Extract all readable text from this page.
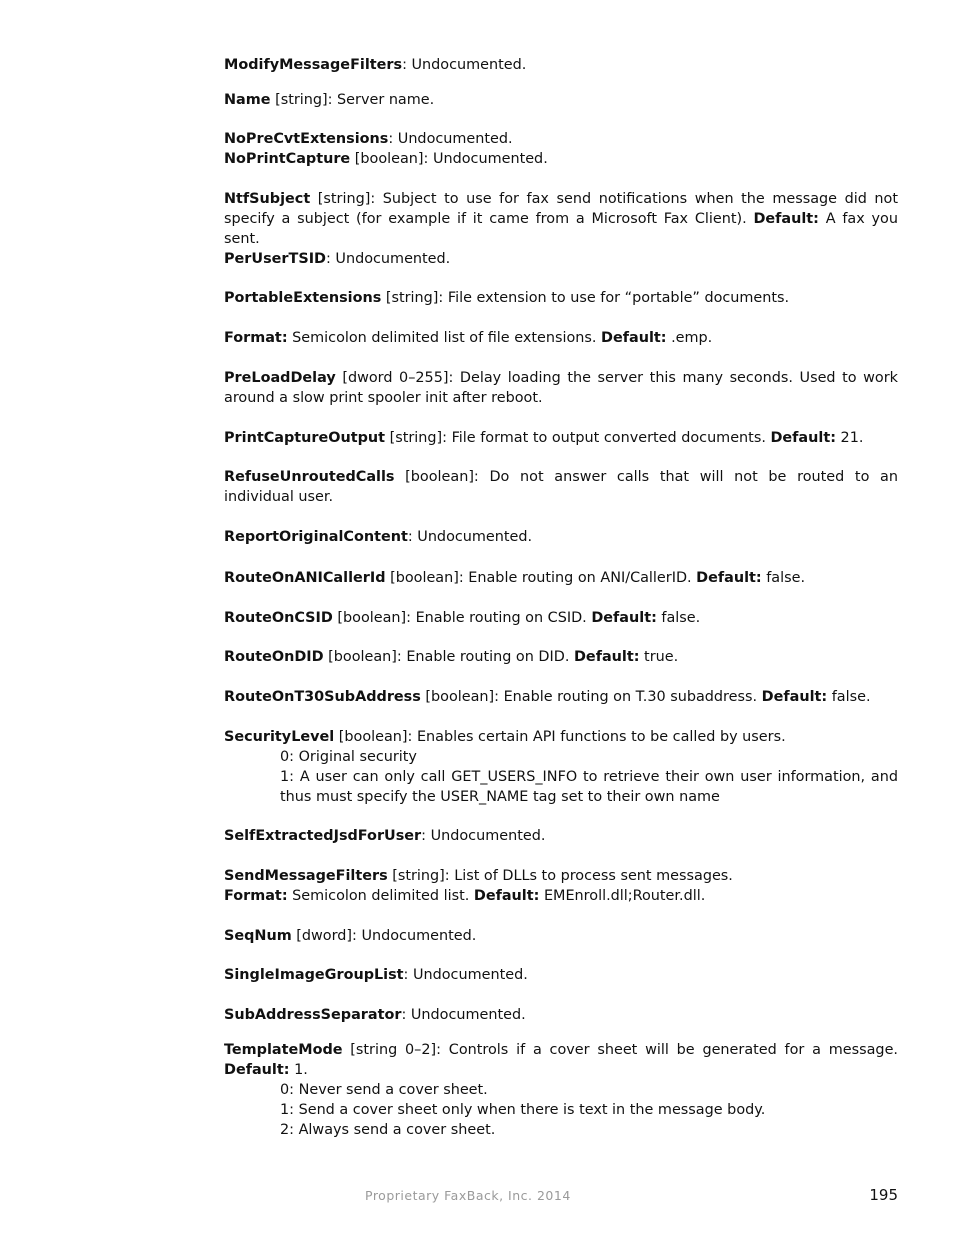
ModifyMessageFilters: Undocumented.
Name [string]: Server name.
NoPreCvtExtensions: Undocumented.
NoPrintCapture [boolean]: Undocumented.
NtfSubject [string]: Subject to use for fax send notifications when the message did not specify a subject (for example if it came from a Microsoft Fax Client). Default: A fax you sent.
PerUserTSID: Undocumented.
PortableExtensions [string]: File extension to use for “portable” documents.
Format: Semicolon delimited list of file extensions. Default: .emp.
PreLoadDelay [dword 0–255]: Delay loading the server this many seconds. Used to work around a slow print spooler init after reboot.
PrintCaptureOutput [string]: File format to output converted documents. Default: 21.
RefuseUnroutedCalls [boolean]: Do not answer calls that will not be routed to an individual user.
ReportOriginalContent: Undocumented.
RouteOnANICallerId [boolean]: Enable routing on ANI/CallerID. Default: false.
RouteOnCSID [boolean]: Enable routing on CSID. Default: false.
RouteOnDID [boolean]: Enable routing on DID. Default: true.
RouteOnT30SubAddress [boolean]: Enable routing on T.30 subaddress. Default: false.
SecurityLevel [boolean]: Enables certain API functions to be called by users.
0: Original security
1: A user can only call GET_USERS_INFO to retrieve their own user information, and thus must specify the USER_NAME tag set to their own name
SelfExtractedJsdForUser: Undocumented.
SendMessageFilters [string]: List of DLLs to process sent messages.
Format: Semicolon delimited list. Default: EMEnroll.dll;Router.dll.
SeqNum [dword]: Undocumented.
SingleImageGroupList: Undocumented.
SubAddressSeparator: Undocumented.
TemplateMode [string 0–2]: Controls if a cover sheet will be generated for a message. Default: 1.
0: Never send a cover sheet.
1: Send a cover sheet only when there is text in the message body.
2: Always send a cover sheet.
Proprietary FaxBack, Inc. 2014	195
